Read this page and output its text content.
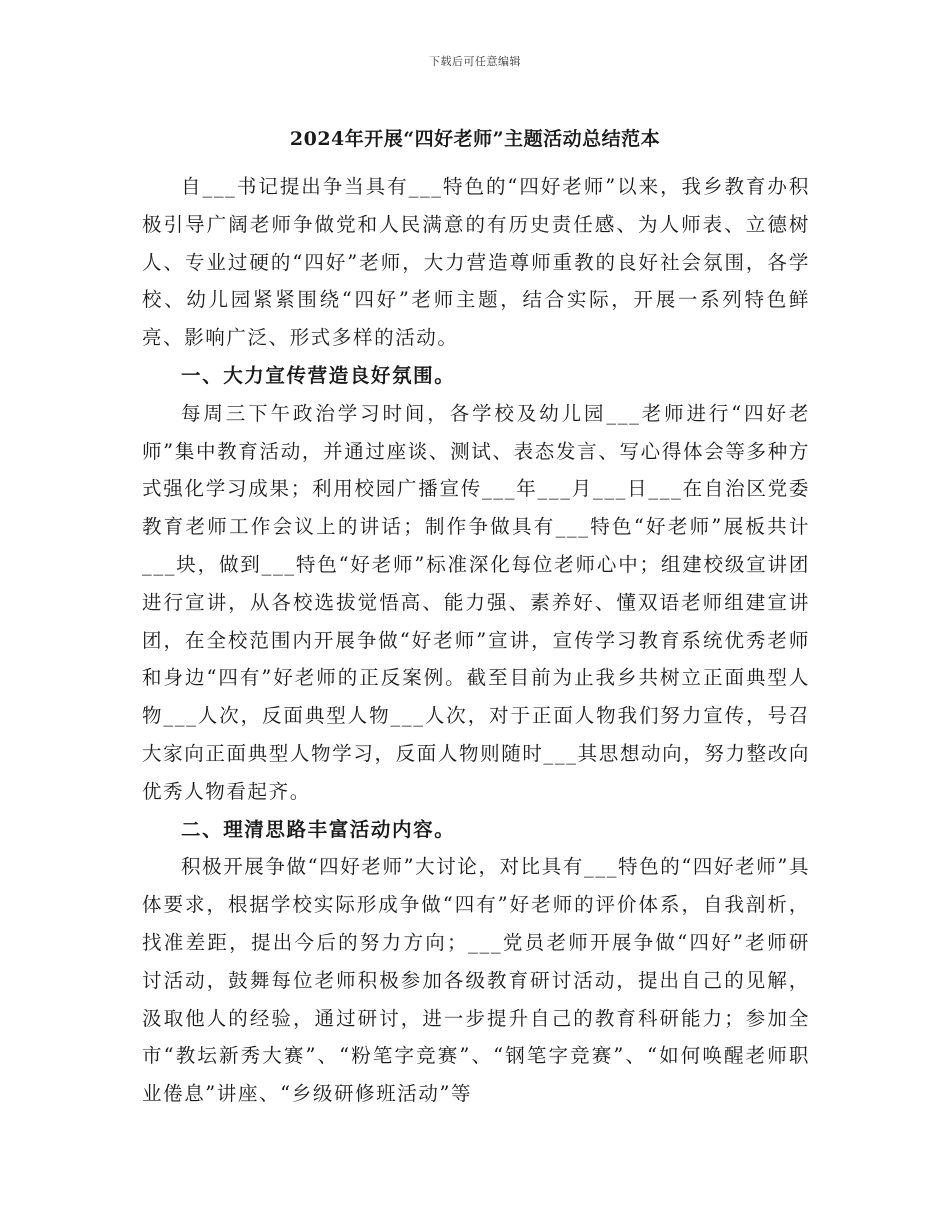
下载后可任意编辑
2024年开展“四好老师”主题活动总结范本

自___书记提出争当具有___特色的“四好老师”以来，我乡教育办积极引导广阔老师争做党和人民满意的有历史责任感、为人师表、立德树人、专业过硬的“四好”老师，大力营造尊师重教的良好社会氛围，各学校、幼儿园紧紧围绕“四好”老师主题，结合实际，开展一系列特色鲜亮、影响广泛、形式多样的活动。

一、大力宣传营造良好氛围。

每周三下午政治学习时间，各学校及幼儿园___老师进行“四好老师”集中教育活动，并通过座谈、测试、表态发言、写心得体会等多种方式强化学习成果；利用校园广播宣传___年___月___日___在自治区党委教育老师工作会议上的讲话；制作争做具有___特色“好老师”展板共计___块，做到___特色“好老师”标准深化每位老师心中；组建校级宣讲团进行宣讲，从各校选拔觉悟高、能力强、素养好、懂双语老师组建宣讲团，在全校范围内开展争做“好老师”宣讲，宣传学习教育系统优秀老师和身边“四有”好老师的正反案例。截至目前为止我乡共树立正面典型人物___人次，反面典型人物___人次，对于正面人物我们努力宣传，号召大家向正面典型人物学习，反面人物则随时___其思想动向，努力整改向优秀人物看起齐。

二、理清思路丰富活动内容。

积极开展争做“四好老师”大讨论，对比具有___特色的“四好老师”具体要求，根据学校实际形成争做“四有”好老师的评价体系，自我剖析，找准差距，提出今后的努力方向；___党员老师开展争做“四好”老师研讨活动，鼓舞每位老师积极参加各级教育研讨活动，提出自己的见解，汲取他人的经验，通过研讨，进一步提升自己的教育科研能力；参加全市“教坛新秀大赛”、“粉笔字竞赛”、“钢笔字竞赛”、“如何唤醒老师职业倦息”讲座、“乡级研修班活动”等
